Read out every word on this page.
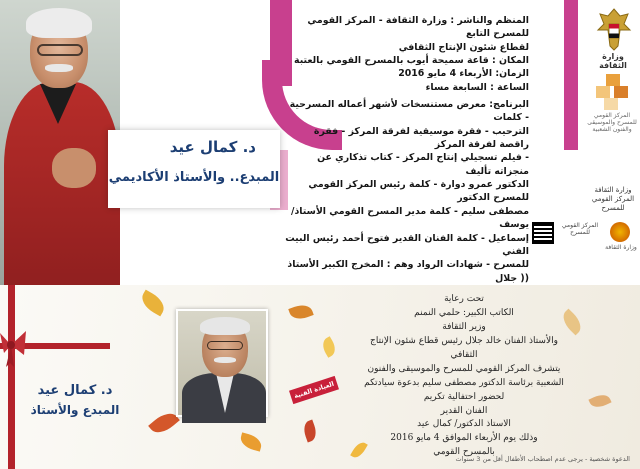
د. كمال عيد
المبدع.. والأستاذ الأكاديمي

المنظم والناشر : وزارة الثقافة - المركز القومي للمسرح التابع

لقطاع شئون الإنتاج الثقافي

المكان : قاعة سميحة أيوب بالمسرح القومي بالعتبة

الزمان: الأربعاء 4 مايو 2016

الساعة : السابعة مساء

البرنامج: معرض مستنسخات لأشهر أعماله المسرحية - كلمات

الترحيب - فقرة موسيقية لفرقة المركز - فقرة راقصة لفرقة المركز

- فيلم تسجيلي إنتاج المركز - كتاب تذكاري عن منجزاته تأليف

الدكتور عمرو دوارة - كلمة رئيس المركز القومي للمسرح الدكتور

مصطفى سليم - كلمة مدير المسرح القومي الأستاذ/ يوسف

إسماعيل - كلمة الفنان القدير فتوح أحمد رئيس البيت الفني

للمسرح - شهادات الرواد وهم : المخرج الكبير الأستاذ (( جلال

وزارة الثقافة
المركز القومي للمسرح والموسيقى والفنون الشعبية
وزارة الثقافة المركز القومي للمسرح
المركز القومي للمسرح
وزارة الثقافة
د. كمال عيد
المبدع والأستاذ
العيادة الفنية

تحت رعاية

الكاتب الكبير: حلمي النمنم

وزير الثقافة

والأستاذ الفنان خالد جلال رئيس قطاع شئون الإنتاج الثقافي

يتشرف المركز القومي للمسرح والموسيقى والفنون

الشعبية برئاسة الدكتور مصطفى سليم بدعوة سيادتكم

لحضور احتفالية تكريم

الفنان القدير

الاستاذ الدكتور/ كمال عيد

وذلك يوم الأربعاء الموافق 4 مايو 2016

بالمسرح القومي

الدعوة شخصية - يرجى عدم اصطحاب الأطفال أقل من 3 سنوات
